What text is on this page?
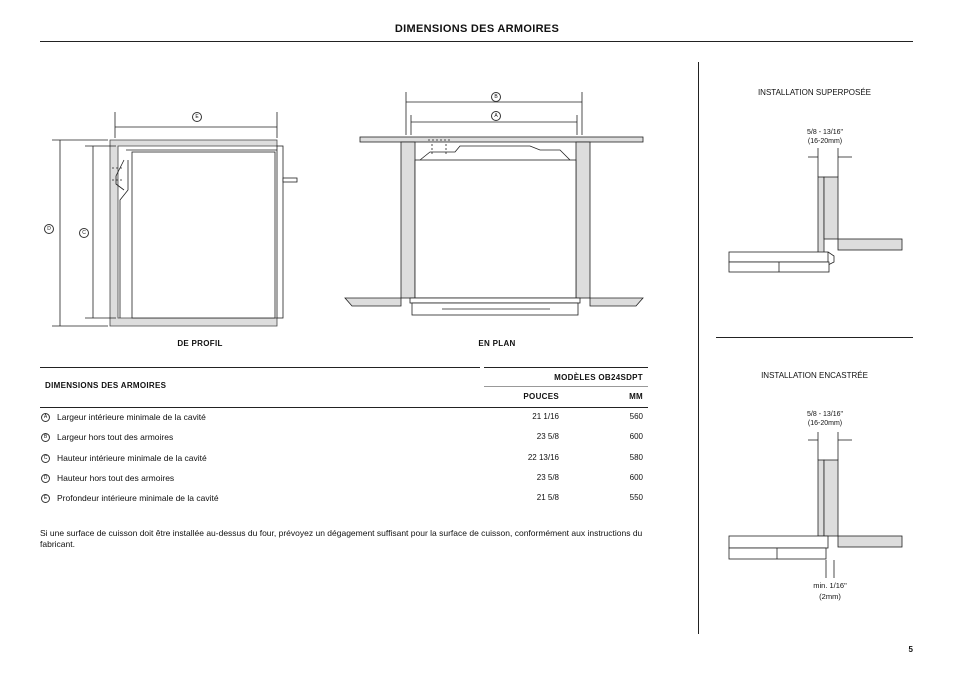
DIMENSIONS DES ARMOIRES
E
D
C
B
A
DE PROFIL	EN PLAN
INSTALLATION SUPERPOSÉE
5/8 - 13/16"
(16-20mm)
INSTALLATION ENCASTRÉE
5/8 - 13/16"
(16-20mm)
min. 1/16"
(2mm)
DIMENSIONS DES ARMOIRES
MODÈLES OB24SDPT
POUCES	MM
A	Largeur intérieure minimale de la cavité	21 1/16	560
B	Largeur hors tout des armoires	23 5/8	600
C	Hauteur intérieure minimale de la cavité	22 13/16	580
D	Hauteur hors tout des armoires	23 5/8	600
E	Profondeur intérieure minimale de la cavité	21 5/8	550
Si une surface de cuisson doit être installée au-dessus du four, prévoyez un dégagement suffisant pour la surface de cuisson, conformément aux instructions du fabricant.
5
